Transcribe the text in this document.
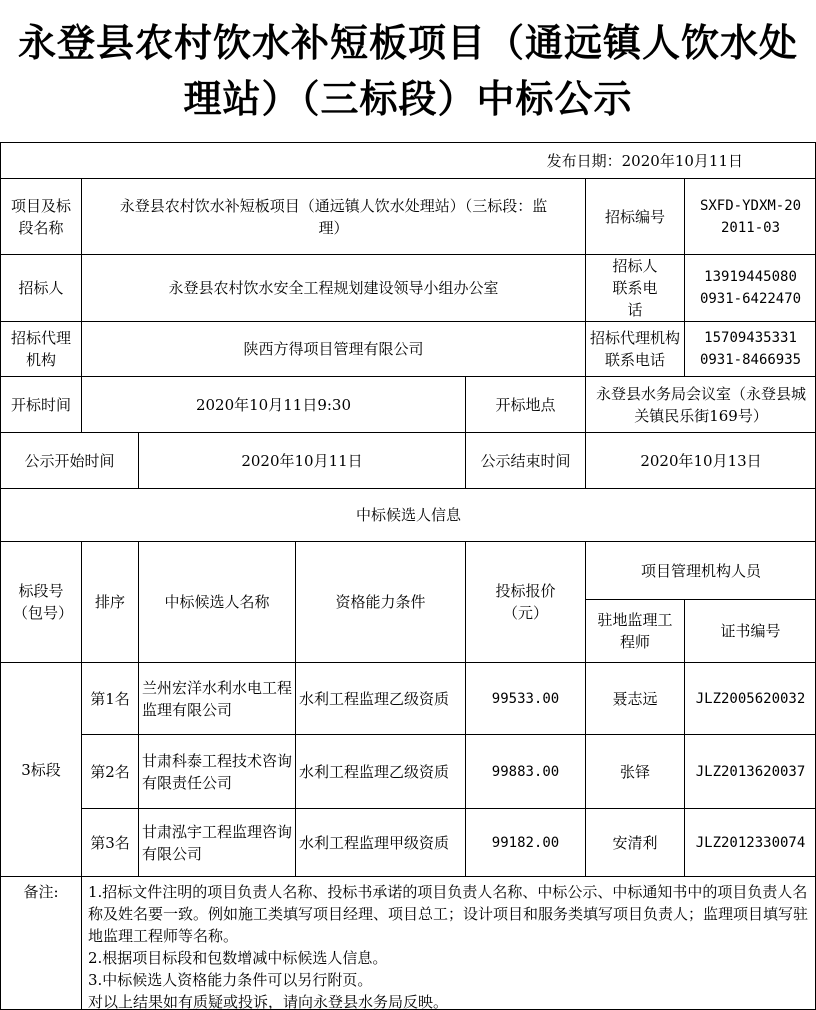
永登县农村饮水补短板项目（通远镇人饮水处理站）（三标段）中标公示
发布日期：2020年10月11日
项目及标段名称	永登县农村饮水补短板项目（通远镇人饮水处理站）（三标段：监理）				招标编号	SXFD-YDXM-202011-03
招标人	永登县农村饮水安全工程规划建设领导小组办公室				招标人联系电话	13919445080 0931-6422470
招标代理机构	陕西方得项目管理有限公司				招标代理机构联系电话	15709435331 0931-8466935
开标时间	2020年10月11日9:30			开标地点	永登县水务局会议室（永登县城关镇民乐街169号）	
公示开始时间		2020年10月11日		公示结束时间	2020年10月13日	
中标候选人信息						
标段号（包号）	排序	中标候选人名称	资格能力条件	投标报价（元）	项目管理机构人员	
					驻地监理工程师	证书编号
3标段	第1名	兰州宏洋水利水电工程监理有限公司	水利工程监理乙级资质	99533.00	聂志远	JLZ2005620032
	第2名	甘肃科泰工程技术咨询有限责任公司	水利工程监理乙级资质	99883.00	张铎	JLZ2013620037
	第3名	甘肃泓宇工程监理咨询有限公司	水利工程监理甲级资质	99182.00	安清利	JLZ2012330074
备注:	1.招标文件注明的项目负责人名称、投标书承诺的项目负责人名称、中标公示、中标通知书中的项目负责人名称及姓名要一致。例如施工类填写项目经理、项目总工；设计项目和服务类填写项目负责人；监理项目填写驻地监理工程师等名称。
2.根据项目标段和包数增减中标候选人信息。
3.中标候选人资格能力条件可以另行附页。
对以上结果如有质疑或投诉，请向永登县水务局反映。					
